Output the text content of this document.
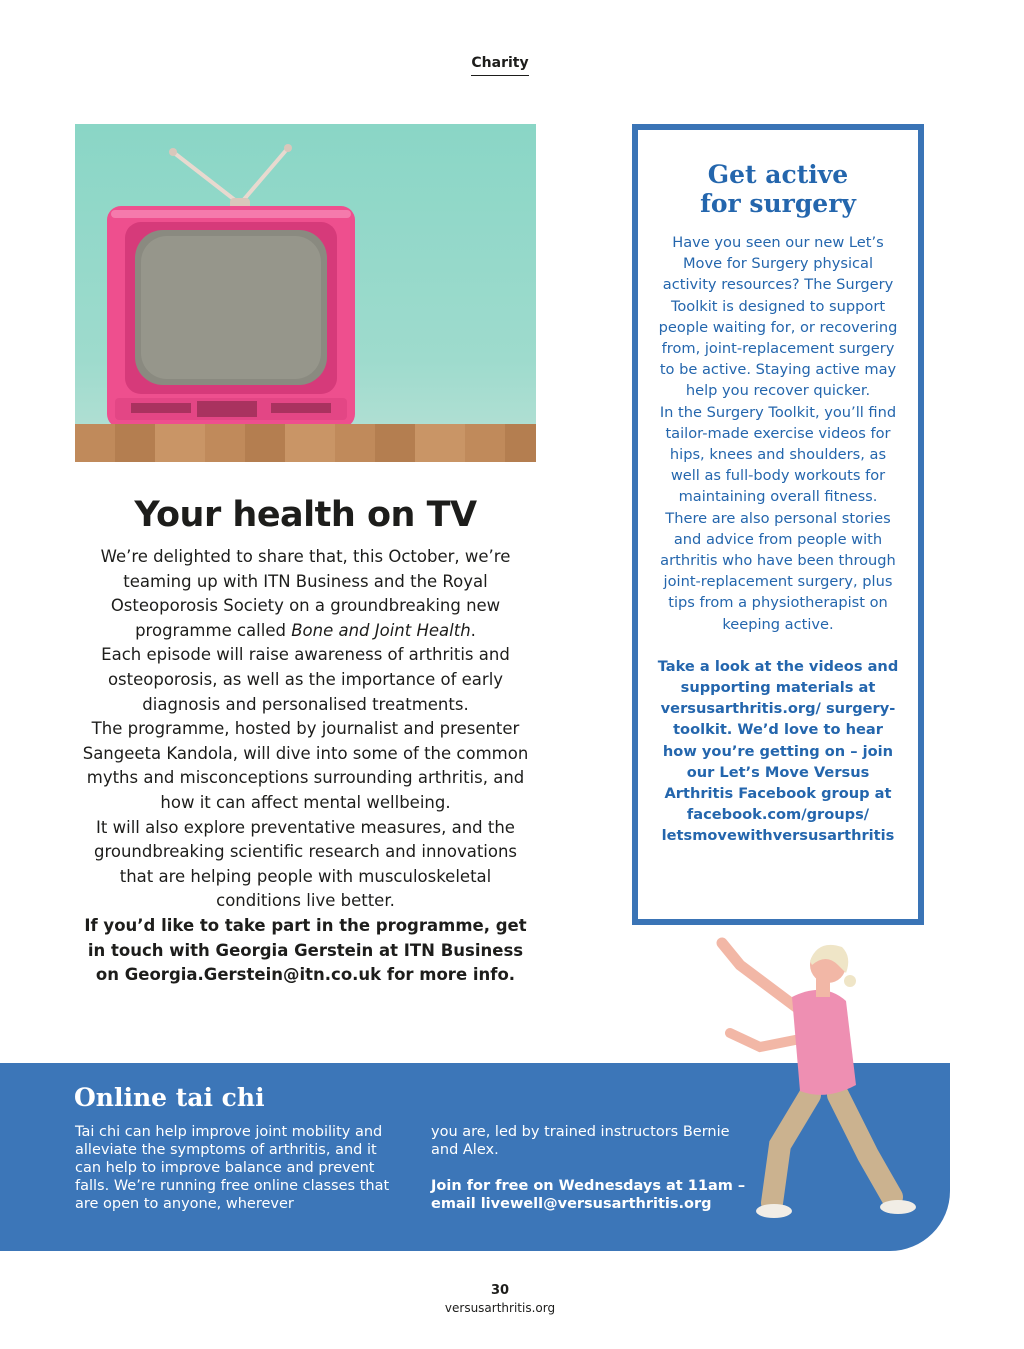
Charity
Your health on TV

We’re delighted to share that, this October, we’re teaming up with ITN Business and the Royal Osteoporosis Society on a groundbreaking new programme called Bone and Joint Health.

Each episode will raise awareness of arthritis and osteoporosis, as well as the importance of early diagnosis and personalised treatments.

The programme, hosted by journalist and presenter Sangeeta Kandola, will dive into some of the common myths and misconceptions surrounding arthritis, and how it can affect mental wellbeing.

It will also explore preventative measures, and the groundbreaking scientific research and innovations that are helping people with musculoskeletal conditions live better.

If you’d like to take part in the programme, get in touch with Georgia Gerstein at ITN Business on Georgia.Gerstein@itn.co.uk for more info.

Get active
for surgery

Have you seen our new Let’s Move for Surgery physical activity resources? The Surgery Toolkit is designed to support people waiting for, or recovering from, joint-replacement surgery to be active. Staying active may help you recover quicker.

In the Surgery Toolkit, you’ll find tailor-made exercise videos for hips, knees and shoulders, as well as full-body workouts for maintaining overall fitness. There are also personal stories and advice from people with arthritis who have been through joint-replacement surgery, plus tips from a physiotherapist on keeping active.

Take a look at the videos and supporting materials at versusarthritis.org/ surgery-toolkit. We’d love to hear how you’re getting on – join our Let’s Move Versus Arthritis Facebook group at facebook.com/groups/ letsmovewithversusarthritis

Online tai chi

Tai chi can help improve joint mobility and alleviate the symptoms of arthritis, and it can help to improve balance and prevent falls. We’re running free online classes that are open to anyone, wherever

you are, led by trained instructors Bernie and Alex.

Join for free on Wednesdays at 11am – email livewell@versusarthritis.org

30
versusarthritis.org
